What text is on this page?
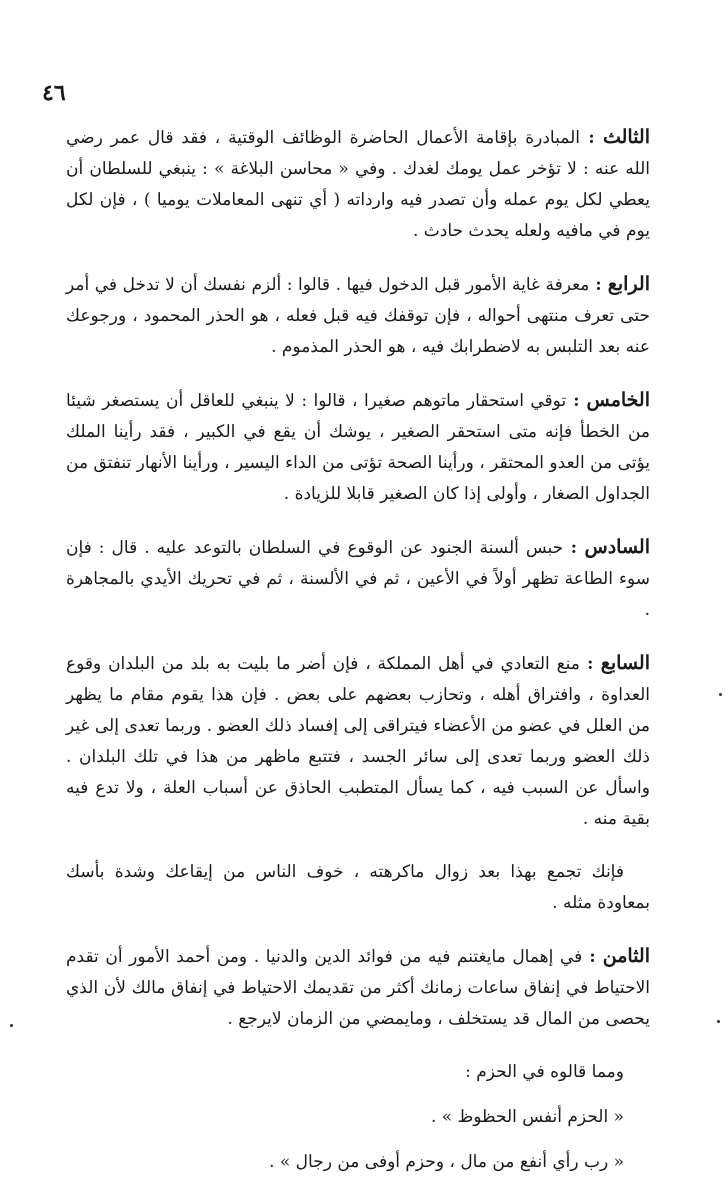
٤٦

الثالث : المبادرة بإقامة الأعمال الحاضرة الوظائف الوقتية ، فقد قال عمر رضي الله عنه : لا تؤخر عمل يومك لغدك . وفي « محاسن البلاغة » : ينبغي للسلطان أن يعطي لكل يوم عمله وأن تصدر فيه وارداته ( أي تنهى المعاملات يوميا ) ، فإن لكل يوم في مافيه ولعله يحدث حادث .

الرابع : معرفة غاية الأمور قبل الدخول فيها . قالوا : ألزم نفسك أن لا تدخل في أمر حتى تعرف منتهى أحواله ، فإن توقفك فيه قبل فعله ، هو الحذر المحمود ، ورجوعك عنه بعد التلبس به لاضطرابك فيه ، هو الحذر المذموم .

الخامس : توقي استحقار ماتوهم صغيرا ، قالوا : لا ينبغي للعاقل أن يستصغر شيئا من الخطأ فإنه متى استحقر الصغير ، يوشك أن يقع في الكبير ، فقد رأينا الملك يؤتى من العدو المحتقر ، ورأينا الصحة تؤتى من الداء اليسير ، ورأينا الأنهار تنفتق من الجداول الصغار ، وأولى إذا كان الصغير قابلا للزيادة .

السادس : حبس ألسنة الجنود عن الوقوع في السلطان بالتوعد عليه . قال : فإن سوء الطاعة تظهر أولاً في الأعين ، ثم في الألسنة ، ثم في تحريك الأيدي بالمجاهرة .

السابع : منع التعادي في أهل المملكة ، فإن أضر ما بليت به بلد من البلدان وقوع العداوة ، وافتراق أهله ، وتحازب بعضهم على بعض . فإن هذا يقوم مقام ما يظهر من العلل في عضو من الأعضاء فيتراقى إلى إفساد ذلك العضو . وربما تعدى إلى غير ذلك العضو وربما تعدى إلى سائر الجسد ، فتتبع ماظهر من هذا في تلك البلدان . واسأل عن السبب فيه ، كما يسأل المتطبب الحاذق عن أسباب العلة ، ولا تدع فيه بقية منه .

فإنك تجمع بهذا بعد زوال ماكرهته ، خوف الناس من إيقاعك وشدة بأسك بمعاودة مثله .

الثامن : في إهمال مايغتنم فيه من فوائد الدين والدنيا . ومن أحمد الأمور أن تقدم الاحتياط في إنفاق ساعات زمانك أكثر من تقديمك الاحتياط في إنفاق مالك لأن الذي يحصى من المال قد يستخلف ، ومايمضي من الزمان لايرجع .

ومما قالوه في الحزم :

« الحزم أنفس الحظوظ » .

« رب رأي أنفع من مال ، وحزم أوفى من رجال » .
